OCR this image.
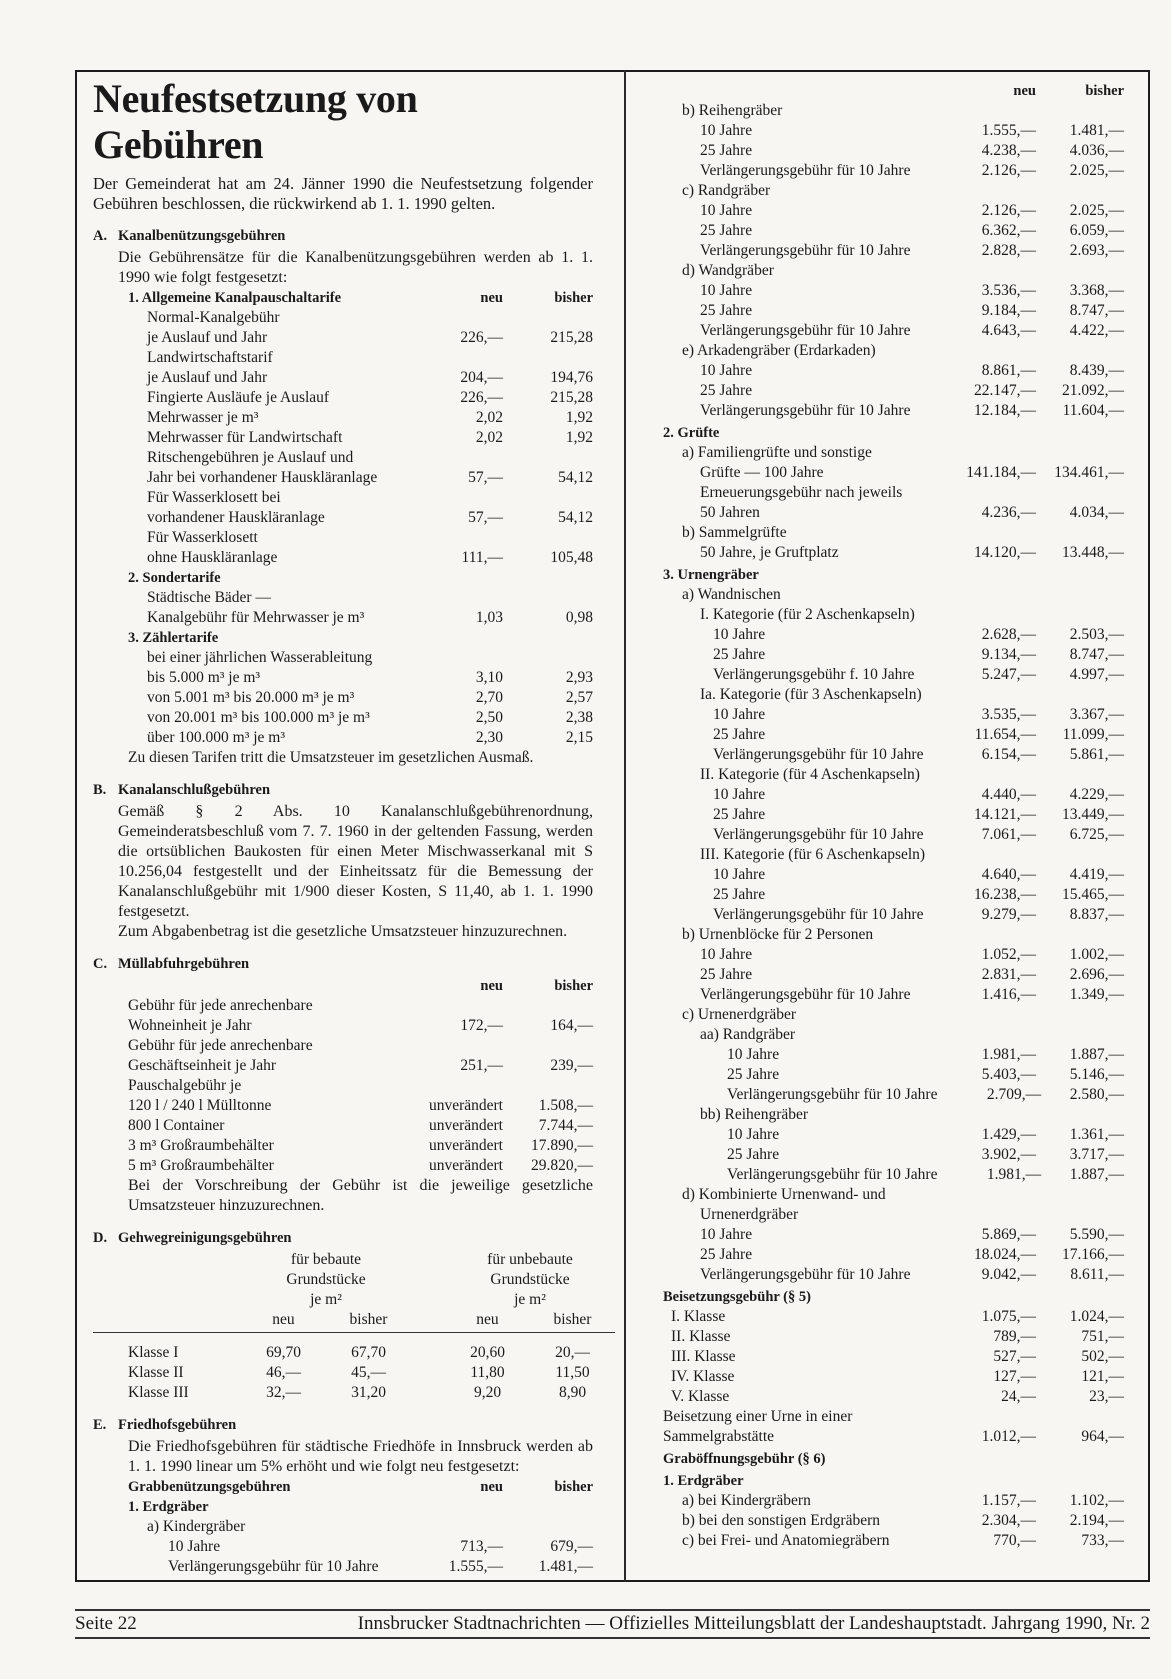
Neufestsetzung von Gebühren
Der Gemeinderat hat am 24. Jänner 1990 die Neufestsetzung folgender Gebühren beschlossen, die rückwirkend ab 1. 1. 1990 gelten.
A. Kanalbenützungsgebühren
Die Gebührensätze für die Kanalbenützungsgebühren werden ab 1. 1. 1990 wie folgt festgesetzt:
1. Allgemeine Kanalpauschaltarife	neu	bisher
Normal-Kanalgebühr
je Auslauf und Jahr	226,—	215,28
Landwirtschaftstarif
je Auslauf und Jahr	204,—	194,76
Fingierte Ausläufe je Auslauf	226,—	215,28
Mehrwasser je m³	2,02	1,92
Mehrwasser für Landwirtschaft	2,02	1,92
Ritschengebühren je Auslauf und
Jahr bei vorhandener Hauskläranlage	57,—	54,12
Für Wasserklosett bei
vorhandener Hauskläranlage	57,—	54,12
Für Wasserklosett
ohne Hauskläranlage	111,—	105,48
2. Sondertarife
Städtische Bäder —
Kanalgebühr für Mehrwasser je m³	1,03	0,98
3. Zählertarife
bei einer jährlichen Wasserableitung
bis 5.000 m³ je m³	3,10	2,93
von 5.001 m³ bis 20.000 m³ je m³	2,70	2,57
von 20.001 m³ bis 100.000 m³ je m³	2,50	2,38
über 100.000 m³ je m³	2,30	2,15
Zu diesen Tarifen tritt die Umsatzsteuer im gesetzlichen Ausmaß.
B. Kanalanschlußgebühren
Gemäß § 2 Abs. 10 Kanalanschlußgebührenordnung, Gemeinderatsbeschluß vom 7. 7. 1960 in der geltenden Fassung, werden die ortsüblichen Baukosten für einen Meter Mischwasserkanal mit S 10.256,04 festgestellt und der Einheitssatz für die Bemessung der Kanalanschlußgebühr mit 1/900 dieser Kosten, S 11,40, ab 1. 1. 1990 festgesetzt.
Zum Abgabenbetrag ist die gesetzliche Umsatzsteuer hinzuzurechnen.
C. Müllabfuhrgebühren
neu	bisher
Gebühr für jede anrechenbare
Wohneinheit je Jahr	172,—	164,—
Gebühr für jede anrechenbare
Geschäftseinheit je Jahr	251,—	239,—
Pauschalgebühr je
120 l / 240 l Mülltonne	unverändert	1.508,—
800 l Container	unverändert	7.744,—
3 m³ Großraumbehälter	unverändert	17.890,—
5 m³ Großraumbehälter	unverändert	29.820,—
Bei der Vorschreibung der Gebühr ist die jeweilige gesetzliche Umsatzsteuer hinzuzurechnen.
D. Gehwegreinigungsgebühren
für bebaute	für unbebaute
Grundstücke	Grundstücke
je m²	je m²
neu	bisher	neu	bisher
Klasse I	69,70	67,70	20,60	20,—
Klasse II	46,—	45,—	11,80	11,50
Klasse III	32,—	31,20	9,20	8,90
E. Friedhofsgebühren
Die Friedhofsgebühren für städtische Friedhöfe in Innsbruck werden ab 1. 1. 1990 linear um 5% erhöht und wie folgt neu festgesetzt:
Grabbenützungsgebühren	neu	bisher
1. Erdgräber
a) Kindergräber
10 Jahre	713,—	679,—
Verlängerungsgebühr für 10 Jahre	1.555,—	1.481,—
neu	bisher
b) Reihengräber
10 Jahre	1.555,—	1.481,—
25 Jahre	4.238,—	4.036,—
Verlängerungsgebühr für 10 Jahre	2.126,—	2.025,—
c) Randgräber
10 Jahre	2.126,—	2.025,—
25 Jahre	6.362,—	6.059,—
Verlängerungsgebühr für 10 Jahre	2.828,—	2.693,—
d) Wandgräber
10 Jahre	3.536,—	3.368,—
25 Jahre	9.184,—	8.747,—
Verlängerungsgebühr für 10 Jahre	4.643,—	4.422,—
e) Arkadengräber (Erdarkaden)
10 Jahre	8.861,—	8.439,—
25 Jahre	22.147,—	21.092,—
Verlängerungsgebühr für 10 Jahre	12.184,—	11.604,—
2. Grüfte
a) Familiengrüfte und sonstige
Grüfte — 100 Jahre	141.184,—	134.461,—
Erneuerungsgebühr nach jeweils
50 Jahren	4.236,—	4.034,—
b) Sammelgrüfte
50 Jahre, je Gruftplatz	14.120,—	13.448,—
3. Urnengräber
a) Wandnischen
I. Kategorie (für 2 Aschenkapseln)
10 Jahre	2.628,—	2.503,—
25 Jahre	9.134,—	8.747,—
Verlängerungsgebühr f. 10 Jahre	5.247,—	4.997,—
Ia. Kategorie (für 3 Aschenkapseln)
10 Jahre	3.535,—	3.367,—
25 Jahre	11.654,—	11.099,—
Verlängerungsgebühr für 10 Jahre	6.154,—	5.861,—
II. Kategorie (für 4 Aschenkapseln)
10 Jahre	4.440,—	4.229,—
25 Jahre	14.121,—	13.449,—
Verlängerungsgebühr für 10 Jahre	7.061,—	6.725,—
III. Kategorie (für 6 Aschenkapseln)
10 Jahre	4.640,—	4.419,—
25 Jahre	16.238,—	15.465,—
Verlängerungsgebühr für 10 Jahre	9.279,—	8.837,—
b) Urnenblöcke für 2 Personen
10 Jahre	1.052,—	1.002,—
25 Jahre	2.831,—	2.696,—
Verlängerungsgebühr für 10 Jahre	1.416,—	1.349,—
c) Urnenerdgräber
aa) Randgräber
10 Jahre	1.981,—	1.887,—
25 Jahre	5.403,—	5.146,—
Verlängerungsgebühr für 10 Jahre	2.709,—	2.580,—
bb) Reihengräber
10 Jahre	1.429,—	1.361,—
25 Jahre	3.902,—	3.717,—
Verlängerungsgebühr für 10 Jahre	1.981,—	1.887,—
d) Kombinierte Urnenwand- und
Urnenerdgräber
10 Jahre	5.869,—	5.590,—
25 Jahre	18.024,—	17.166,—
Verlängerungsgebühr für 10 Jahre	9.042,—	8.611,—
Beisetzungsgebühr (§ 5)
I. Klasse	1.075,—	1.024,—
II. Klasse	789,—	751,—
III. Klasse	527,—	502,—
IV. Klasse	127,—	121,—
V. Klasse	24,—	23,—
Beisetzung einer Urne in einer
Sammelgrabstätte	1.012,—	964,—
Graböffnungsgebühr (§ 6)
1. Erdgräber
a) bei Kindergräbern	1.157,—	1.102,—
b) bei den sonstigen Erdgräbern	2.304,—	2.194,—
c) bei Frei- und Anatomiegräbern	770,—	733,—
Seite 22	Innsbrucker Stadtnachrichten — Offizielles Mitteilungsblatt der Landeshauptstadt. Jahrgang 1990, Nr. 2
